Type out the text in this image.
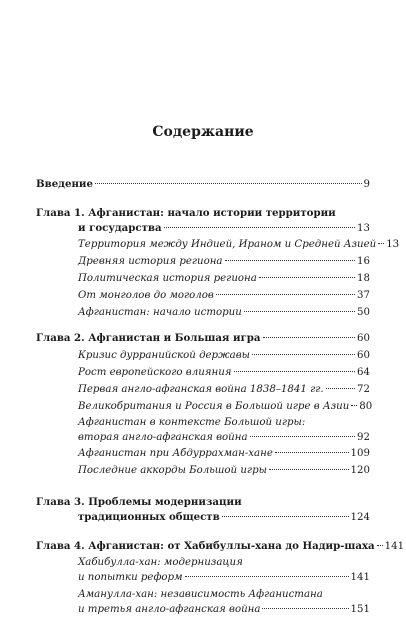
Содержание
Введение	9
Глава 1. Афганистан: начало истории территории
и государства	13
Территория между Индией, Ираном и Средней Азией 13
Древняя история региона	16
Политическая история региона	18
От монголов до моголов	37
Афганистан: начало истории	50
Глава 2. Афганистан и Большая игра	60
Кризис дурранийской державы	60
Рост европейского влияния	64
Первая англо-афганская война 1838–1841 гг.	72
Великобритания и Россия в Большой игре в Азии 80
Афганистан в контексте Большой игры:
вторая англо-афганская война	92
Афганистан при Абдуррахман-хане	109
Последние аккорды Большой игры	120
Глава 3. Проблемы модернизации
традиционных обществ	124
Глава 4. Афганистан: от Хабибуллы-хана до Надир-шаха 141
Хабибулла-хан: модернизация
и попытки реформ	141
Аманулла-хан: независимость Афганистана
и третья англо-афганская война	151
